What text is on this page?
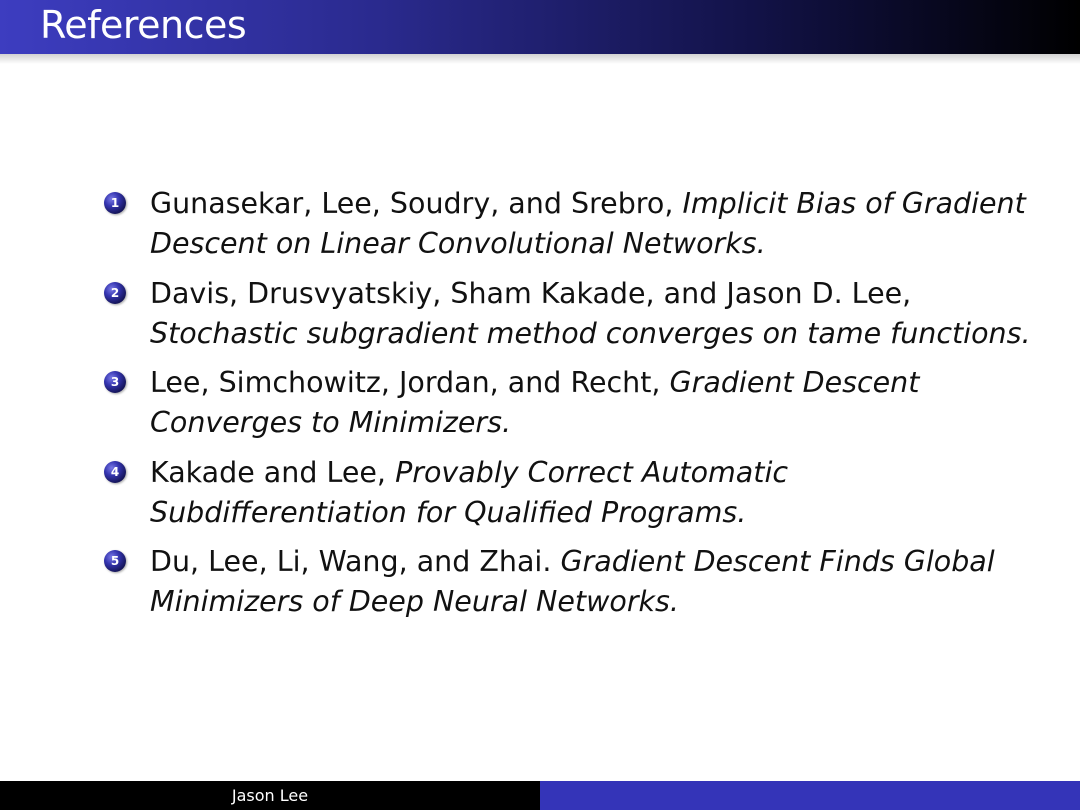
References
1 Gunasekar, Lee, Soudry, and Srebro, Implicit Bias of Gradient
Descent on Linear Convolutional Networks.
2 Davis, Drusvyatskiy, Sham Kakade, and Jason D. Lee,
Stochastic subgradient method converges on tame functions.
3 Lee, Simchowitz, Jordan, and Recht, Gradient Descent
Converges to Minimizers.
4 Kakade and Lee, Provably Correct Automatic
Subdifferentiation for Qualified Programs.
5 Du, Lee, Li, Wang, and Zhai. Gradient Descent Finds Global
Minimizers of Deep Neural Networks.
Jason Lee
